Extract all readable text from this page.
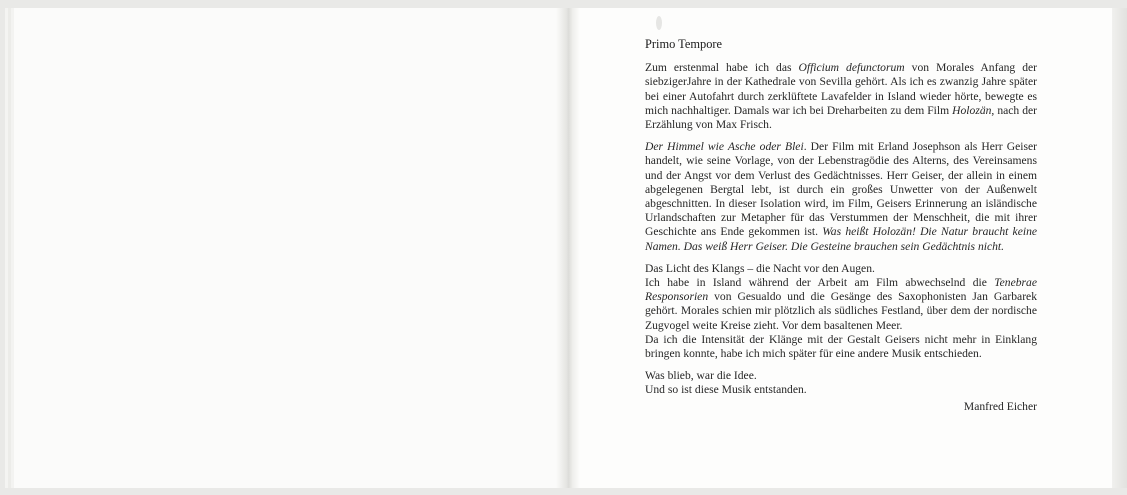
Primo Tempore
Zum erstenmal habe ich das Officium defunctorum von Morales Anfang der siebzigerJahre in der Kathedrale von Sevilla gehört. Als ich es zwanzig Jahre später bei einer Autofahrt durch zerklüftete Lavafelder in Island wieder hörte, bewegte es mich nachhaltiger. Damals war ich bei Dreharbeiten zu dem Film Holozän, nach der Erzählung von Max Frisch.
Der Himmel wie Asche oder Blei. Der Film mit Erland Josephson als Herr Geiser handelt, wie seine Vorlage, von der Lebenstragödie des Alterns, des Vereinsamens und der Angst vor dem Verlust des Gedächtnisses. Herr Geiser, der allein in einem abgelegenen Bergtal lebt, ist durch ein großes Unwetter von der Außenwelt abgeschnitten. In dieser Isolation wird, im Film, Geisers Erinnerung an isländische Urlandschaften zur Metapher für das Verstummen der Menschheit, die mit ihrer Geschichte ans Ende gekommen ist. Was heißt Holozän! Die Natur braucht keine Namen. Das weiß Herr Geiser. Die Gesteine brauchen sein Gedächtnis nicht.
Das Licht des Klangs – die Nacht vor den Augen.
Ich habe in Island während der Arbeit am Film abwechselnd die Tenebrae Responsorien von Gesualdo und die Gesänge des Saxophonisten Jan Garbarek gehört. Morales schien mir plötzlich als südliches Festland, über dem der nordische Zugvogel weite Kreise zieht. Vor dem basaltenen Meer.
Da ich die Intensität der Klänge mit der Gestalt Geisers nicht mehr in Einklang bringen konnte, habe ich mich später für eine andere Musik entschieden.
Was blieb, war die Idee.
Und so ist diese Musik entstanden.
Manfred Eicher
